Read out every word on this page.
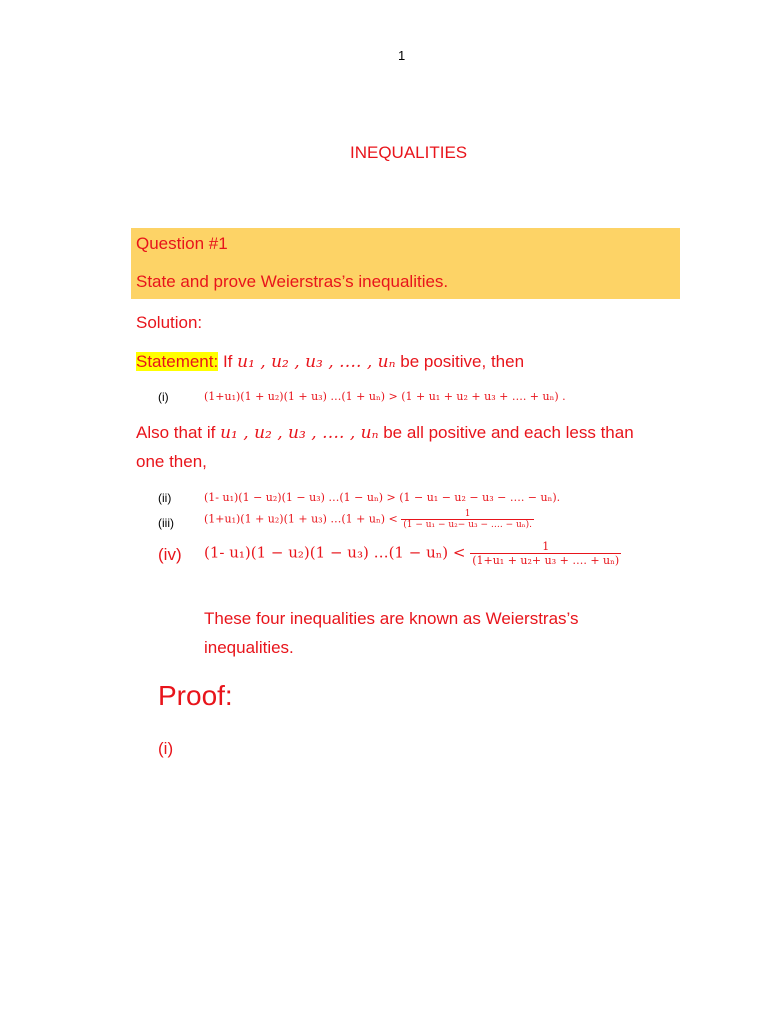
1
INEQUALITIES
Question #1
State and prove Weierstras’s inequalities.
Solution:
Statement: If u₁ , u₂ , u₃ , …. , uₙ be positive, then
(i)	(1+u₁)(1 + u₂)(1 + u₃) …(1 + uₙ) > (1 + u₁ + u₂ + u₃ + …. + uₙ) .
Also that if u₁ , u₂ , u₃ , …. , uₙ be all positive and each less than
one then,
(ii)	(1- u₁)(1 − u₂)(1 − u₃) …(1 − uₙ) > (1 − u₁ − u₂ − u₃ − …. − uₙ).
(iii)	(1+u₁)(1 + u₂)(1 + u₃) …(1 + $u_n) < \frac{1}{\text{(1 − u₁ − u₂− u₃ − …. − uₙ).}}$
(iv) (1- u₁)(1 − u₂)(1 − u₃) …(1 − $u_n) < \frac{1}{\text{(1+u₁ + u₂+ u₃ + …. + uₙ)}}$
These four inequalities are known as Weierstras’s
inequalities.
Proof:
(i)
